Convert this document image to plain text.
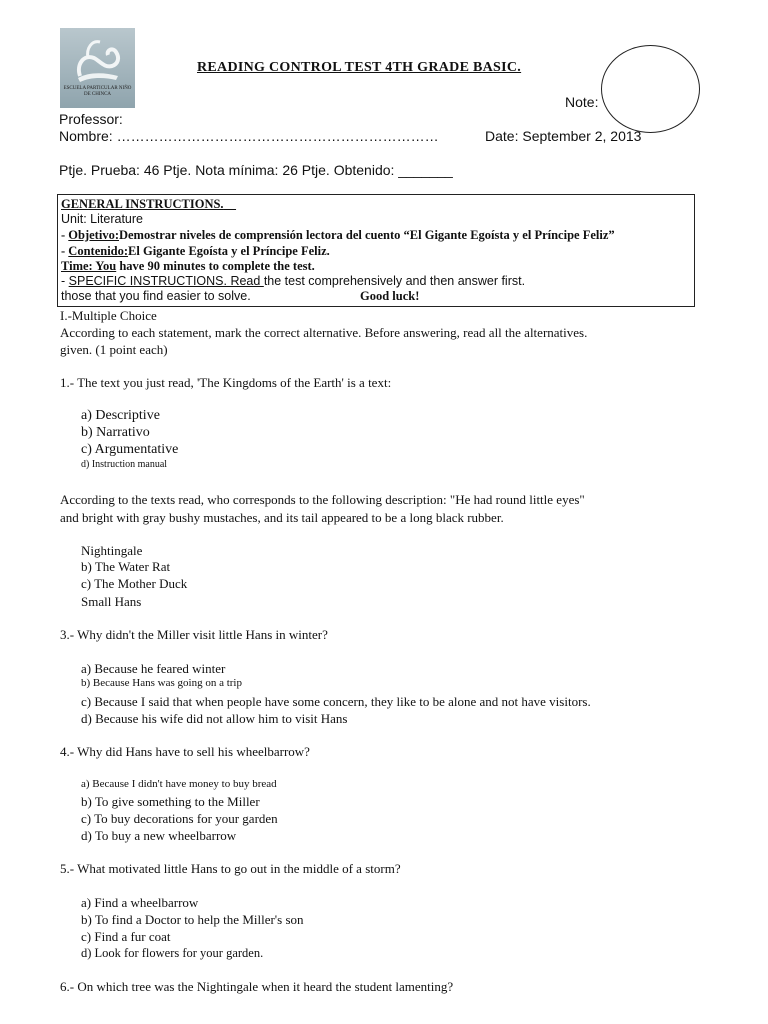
ESCUELA PARTICULAR NIÑO DE CHINCA
READING CONTROL TEST 4TH GRADE BASIC.
Note:
Professor:
Nombre: ……………………………………………………………	Date: September 2, 2013
Ptje. Prueba: 46 Ptje. Nota mínima: 26 Ptje. Obtenido: _______
GENERAL INSTRUCTIONS.
Unit: Literature
- Objetivo:Demostrar niveles de comprensión lectora del cuento “El Gigante Egoísta y el Príncipe Feliz”
- Contenido:El Gigante Egoísta y el Príncipe Feliz.
Time: You have 90 minutes to complete the test.
- SPECIFIC INSTRUCTIONS. Read the test comprehensively and then answer first.
those that you find easier to solve.	Good luck!
I.-Multiple Choice
According to each statement, mark the correct alternative. Before answering, read all the alternatives.
given. (1 point each)
1.- The text you just read, 'The Kingdoms of the Earth' is a text:
a) Descriptive
b) Narrativo
c) Argumentative
d) Instruction manual
According to the texts read, who corresponds to the following description: "He had round little eyes"
and bright with gray bushy mustaches, and its tail appeared to be a long black rubber.
Nightingale
b) The Water Rat
c) The Mother Duck
Small Hans
3.- Why didn't the Miller visit little Hans in winter?
a) Because he feared winter
b) Because Hans was going on a trip
c) Because I said that when people have some concern, they like to be alone and not have visitors.
d) Because his wife did not allow him to visit Hans
4.- Why did Hans have to sell his wheelbarrow?
a) Because I didn't have money to buy bread
b) To give something to the Miller
c) To buy decorations for your garden
d) To buy a new wheelbarrow
5.- What motivated little Hans to go out in the middle of a storm?
a) Find a wheelbarrow
b) To find a Doctor to help the Miller's son
c) Find a fur coat
d) Look for flowers for your garden.
6.- On which tree was the Nightingale when it heard the student lamenting?
